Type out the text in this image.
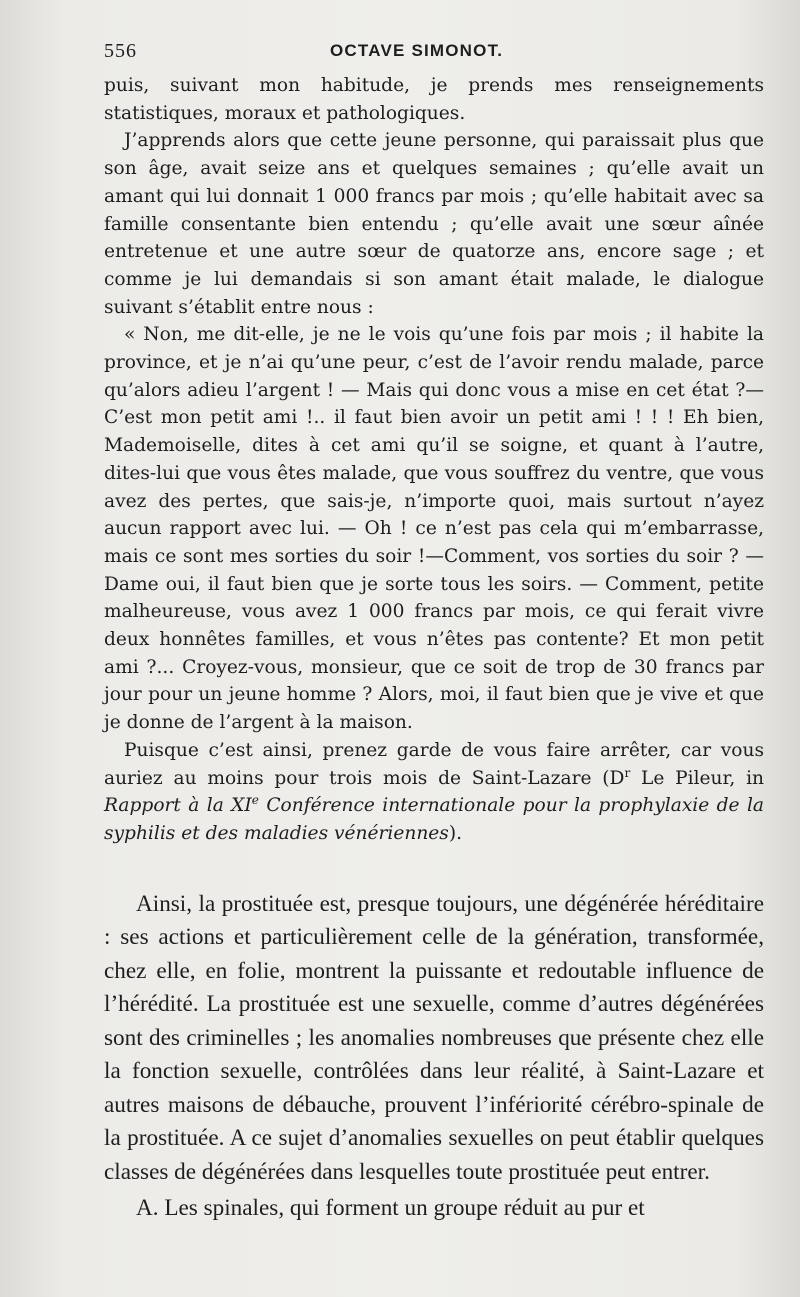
556	OCTAVE SIMONOT.

puis, suivant mon habitude, je prends mes renseignements statistiques, moraux et pathologiques.

J’apprends alors que cette jeune personne, qui paraissait plus que son âge, avait seize ans et quelques semaines ; qu’elle avait un amant qui lui donnait 1 000 francs par mois ; qu’elle habitait avec sa famille consentante bien entendu ; qu’elle avait une sœur aînée entretenue et une autre sœur de quatorze ans, encore sage ; et comme je lui demandais si son amant était malade, le dialogue suivant s’établit entre nous :

« Non, me dit-elle, je ne le vois qu’une fois par mois ; il habite la province, et je n’ai qu’une peur, c’est de l’avoir rendu malade, parce qu’alors adieu l’argent ! — Mais qui donc vous a mise en cet état ?— C’est mon petit ami !.. il faut bien avoir un petit ami ! ! ! Eh bien, Mademoiselle, dites à cet ami qu’il se soigne, et quant à l’autre, dites-lui que vous êtes malade, que vous souffrez du ventre, que vous avez des pertes, que sais-je, n’importe quoi, mais surtout n’ayez aucun rapport avec lui. — Oh ! ce n’est pas cela qui m’embarrasse, mais ce sont mes sorties du soir !—Comment, vos sorties du soir ? — Dame oui, il faut bien que je sorte tous les soirs. — Comment, petite malheureuse, vous avez 1 000 francs par mois, ce qui ferait vivre deux honnêtes familles, et vous n’êtes pas contente? Et mon petit ami ?... Croyez-vous, monsieur, que ce soit de trop de 30 francs par jour pour un jeune homme ? Alors, moi, il faut bien que je vive et que je donne de l’argent à la maison.

Puisque c’est ainsi, prenez garde de vous faire arrêter, car vous auriez au moins pour trois mois de Saint-Lazare ($D^r$ Le Pileur, in Rapport à la XIe Conférence internationale pour la prophylaxie de la syphilis et des maladies vénériennes).

Ainsi, la prostituée est, presque toujours, une dégénérée héréditaire : ses actions et particulièrement celle de la génération, transformée, chez elle, en folie, montrent la puissante et redoutable influence de l’hérédité. La prostituée est une sexuelle, comme d’autres dégénérées sont des criminelles ; les anomalies nombreuses que présente chez elle la fonction sexuelle, contrôlées dans leur réalité, à Saint-Lazare et autres maisons de débauche, prouvent l’infériorité cérébro-spinale de la prostituée. A ce sujet d’anomalies sexuelles on peut établir quelques classes de dégénérées dans lesquelles toute prostituée peut entrer.

A. Les spinales, qui forment un groupe réduit au pur et
